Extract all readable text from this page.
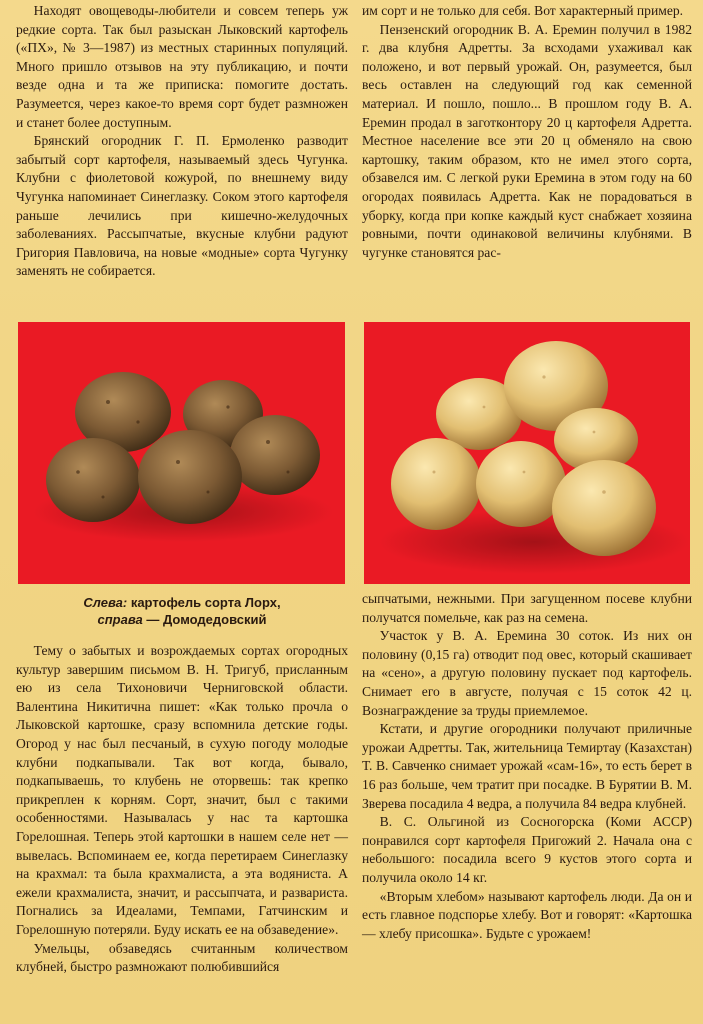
Находят овощеводы-любители и совсем теперь уж редкие сорта. Так был разыскан Лыковский картофель («ПХ», № 3—1987) из местных старинных популяций. Много пришло отзывов на эту публикацию, и почти везде одна и та же приписка: помогите достать. Разумеется, через какое-то время сорт будет размножен и станет более доступным.

Брянский огородник Г. П. Ермоленко разводит забытый сорт картофеля, называемый здесь Чугунка. Клубни с фиолетовой кожурой, по внешнему виду Чугунка напоминает Синеглазку. Соком этого картофеля раньше лечились при кишечно-желудочных заболеваниях. Рассыпчатые, вкусные клубни радуют Григория Павловича, на новые «модные» сорта Чугунку заменять не собирается.

им сорт и не только для себя. Вот характерный пример.

Пензенский огородник В. А. Еремин получил в 1982 г. два клубня Адретты. За всходами ухаживал как положено, и вот первый урожай. Он, разумеется, был весь оставлен на следующий год как семенной материал. И пошло, пошло... В прошлом году В. А. Еремин продал в заготконтору 20 ц картофеля Адретта. Местное население все эти 20 ц обменяло на свою картошку, таким образом, кто не имел этого сорта, обзавелся им. С легкой руки Еремина в этом году на 60 огородах появилась Адретта. Как не порадоваться в уборку, когда при копке каждый куст снабжает хозяина ровными, почти одинаковой величины клубнями. В чугунке становятся рас-

Слева: картофель сорта Лорх,
справа — Домодедовский

Тему о забытых и возрождаемых сортах огородных культур завершим письмом В. Н. Тригуб, присланным ею из села Тихоновичи Черниговской области. Валентина Никитична пишет: «Как только прочла о Лыковской картошке, сразу вспомнила детские годы. Огород у нас был песчаный, в сухую погоду молодые клубни подкапывали. Так вот когда, бывало, подкапываешь, то клубень не оторвешь: так крепко прикреплен к корням. Сорт, значит, был с такими особенностями. Называлась у нас та картошка Горелошная. Теперь этой картошки в нашем селе нет — вывелась. Вспоминаем ее, когда перетираем Синеглазку на крахмал: та была крахмалиста, а эта водяниста. А ежели крахмалиста, значит, и рассыпчата, и развариста. Погнались за Идеалами, Темпами, Гатчинским и Горелошную потеряли. Буду искать ее на обзаведение».

Умельцы, обзаведясь считанным количеством клубней, быстро размножают полюбившийся

сыпчатыми, нежными. При загущенном посеве клубни получатся помельче, как раз на семена.

Участок у В. А. Еремина 30 соток. Из них он половину (0,15 га) отводит под овес, который скашивает на «сено», а другую половину пускает под картофель. Снимает его в августе, получая с 15 соток 42 ц. Вознаграждение за труды приемлемое.

Кстати, и другие огородники получают приличные урожаи Адретты. Так, жительница Темиртау (Казахстан) Т. В. Савченко снимает урожай «сам-16», то есть берет в 16 раз больше, чем тратит при посадке. В Бурятии В. М. Зверева посадила 4 ведра, а получила 84 ведра клубней.

В. С. Ольгиной из Сосногорска (Коми АССР) понравился сорт картофеля Пригожий 2. Начала она с небольшого: посадила всего 9 кустов этого сорта и получила около 14 кг.

«Вторым хлебом» называют картофель люди. Да он и есть главное подспорье хлебу. Вот и говорят: «Картошка — хлебу присошка». Будьте с урожаем!
